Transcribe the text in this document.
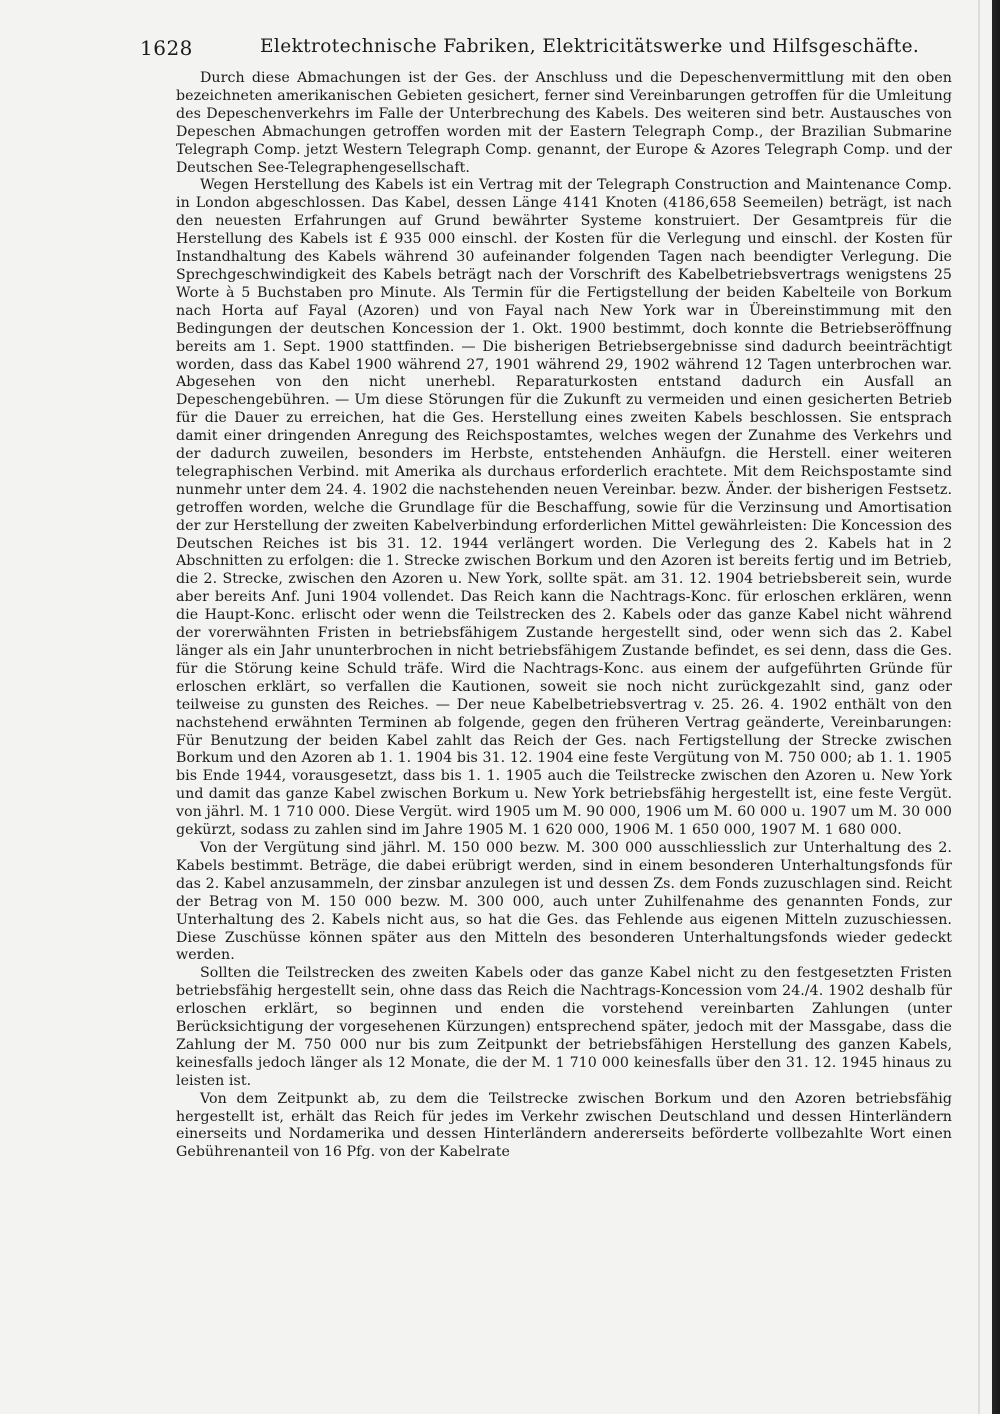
1628	Elektrotechnische Fabriken, Elektricitätswerke und Hilfsgeschäfte.

Durch diese Abmachungen ist der Ges. der Anschluss und die Depeschenvermittlung mit den oben bezeichneten amerikanischen Gebieten gesichert, ferner sind Vereinbarungen getroffen für die Umleitung des Depeschenverkehrs im Falle der Unterbrechung des Kabels. Des weiteren sind betr. Austausches von Depeschen Abmachungen getroffen worden mit der Eastern Telegraph Comp., der Brazilian Submarine Telegraph Comp. jetzt Western Telegraph Comp. genannt, der Europe & Azores Telegraph Comp. und der Deutschen See-Telegraphengesellschaft.

Wegen Herstellung des Kabels ist ein Vertrag mit der Telegraph Construction and Maintenance Comp. in London abgeschlossen. Das Kabel, dessen Länge 4141 Knoten (4186,658 Seemeilen) beträgt, ist nach den neuesten Erfahrungen auf Grund bewährter Systeme konstruiert. Der Gesamtpreis für die Herstellung des Kabels ist £ 935 000 einschl. der Kosten für die Verlegung und einschl. der Kosten für Instandhaltung des Kabels während 30 aufeinander folgenden Tagen nach beendigter Verlegung. Die Sprechgeschwindigkeit des Kabels beträgt nach der Vorschrift des Kabelbetriebsvertrags wenigstens 25 Worte à 5 Buchstaben pro Minute. Als Termin für die Fertigstellung der beiden Kabelteile von Borkum nach Horta auf Fayal (Azoren) und von Fayal nach New York war in Übereinstimmung mit den Bedingungen der deutschen Koncession der 1. Okt. 1900 bestimmt, doch konnte die Betriebseröffnung bereits am 1. Sept. 1900 stattfinden. — Die bisherigen Betriebsergebnisse sind dadurch beeinträchtigt worden, dass das Kabel 1900 während 27, 1901 während 29, 1902 während 12 Tagen unterbrochen war. Abgesehen von den nicht unerhebl. Reparaturkosten entstand dadurch ein Ausfall an Depeschengebühren. — Um diese Störungen für die Zukunft zu vermeiden und einen gesicherten Betrieb für die Dauer zu erreichen, hat die Ges. Herstellung eines zweiten Kabels beschlossen. Sie entsprach damit einer dringenden Anregung des Reichspostamtes, welches wegen der Zunahme des Verkehrs und der dadurch zuweilen, besonders im Herbste, entstehenden Anhäufgn. die Herstell. einer weiteren telegraphischen Verbind. mit Amerika als durchaus erforderlich erachtete. Mit dem Reichspostamte sind nunmehr unter dem 24. 4. 1902 die nachstehenden neuen Vereinbar. bezw. Änder. der bisherigen Festsetz. getroffen worden, welche die Grundlage für die Beschaffung, sowie für die Verzinsung und Amortisation der zur Herstellung der zweiten Kabelverbindung erforderlichen Mittel gewährleisten: Die Koncession des Deutschen Reiches ist bis 31. 12. 1944 verlängert worden. Die Verlegung des 2. Kabels hat in 2 Abschnitten zu erfolgen: die 1. Strecke zwischen Borkum und den Azoren ist bereits fertig und im Betrieb, die 2. Strecke, zwischen den Azoren u. New York, sollte spät. am 31. 12. 1904 betriebsbereit sein, wurde aber bereits Anf. Juni 1904 vollendet. Das Reich kann die Nachtrags-Konc. für erloschen erklären, wenn die Haupt-Konc. erlischt oder wenn die Teilstrecken des 2. Kabels oder das ganze Kabel nicht während der vorerwähnten Fristen in betriebsfähigem Zustande hergestellt sind, oder wenn sich das 2. Kabel länger als ein Jahr ununterbrochen in nicht betriebsfähigem Zustande befindet, es sei denn, dass die Ges. für die Störung keine Schuld träfe. Wird die Nachtrags-Konc. aus einem der aufgeführten Gründe für erloschen erklärt, so verfallen die Kautionen, soweit sie noch nicht zurückgezahlt sind, ganz oder teilweise zu gunsten des Reiches. — Der neue Kabelbetriebsvertrag v. 25. 26. 4. 1902 enthält von den nachstehend erwähnten Terminen ab folgende, gegen den früheren Vertrag geänderte, Vereinbarungen: Für Benutzung der beiden Kabel zahlt das Reich der Ges. nach Fertigstellung der Strecke zwischen Borkum und den Azoren ab 1. 1. 1904 bis 31. 12. 1904 eine feste Vergütung von M. 750 000; ab 1. 1. 1905 bis Ende 1944, vorausgesetzt, dass bis 1. 1. 1905 auch die Teilstrecke zwischen den Azoren u. New York und damit das ganze Kabel zwischen Borkum u. New York betriebsfähig hergestellt ist, eine feste Vergüt. von jährl. M. 1 710 000. Diese Vergüt. wird 1905 um M. 90 000, 1906 um M. 60 000 u. 1907 um M. 30 000 gekürzt, sodass zu zahlen sind im Jahre 1905 M. 1 620 000, 1906 M. 1 650 000, 1907 M. 1 680 000.

Von der Vergütung sind jährl. M. 150 000 bezw. M. 300 000 ausschliesslich zur Unterhaltung des 2. Kabels bestimmt. Beträge, die dabei erübrigt werden, sind in einem besonderen Unterhaltungsfonds für das 2. Kabel anzusammeln, der zinsbar anzulegen ist und dessen Zs. dem Fonds zuzuschlagen sind. Reicht der Betrag von M. 150 000 bezw. M. 300 000, auch unter Zuhilfenahme des genannten Fonds, zur Unterhaltung des 2. Kabels nicht aus, so hat die Ges. das Fehlende aus eigenen Mitteln zuzuschiessen. Diese Zuschüsse können später aus den Mitteln des besonderen Unterhaltungsfonds wieder gedeckt werden.

Sollten die Teilstrecken des zweiten Kabels oder das ganze Kabel nicht zu den festgesetzten Fristen betriebsfähig hergestellt sein, ohne dass das Reich die Nachtrags-Koncession vom 24./4. 1902 deshalb für erloschen erklärt, so beginnen und enden die vorstehend vereinbarten Zahlungen (unter Berücksichtigung der vorgesehenen Kürzungen) entsprechend später, jedoch mit der Massgabe, dass die Zahlung der M. 750 000 nur bis zum Zeitpunkt der betriebsfähigen Herstellung des ganzen Kabels, keinesfalls jedoch länger als 12 Monate, die der M. 1 710 000 keinesfalls über den 31. 12. 1945 hinaus zu leisten ist.

Von dem Zeitpunkt ab, zu dem die Teilstrecke zwischen Borkum und den Azoren betriebsfähig hergestellt ist, erhält das Reich für jedes im Verkehr zwischen Deutschland und dessen Hinterländern einerseits und Nordamerika und dessen Hinterländern andererseits beförderte vollbezahlte Wort einen Gebührenanteil von 16 Pfg. von der Kabelrate
